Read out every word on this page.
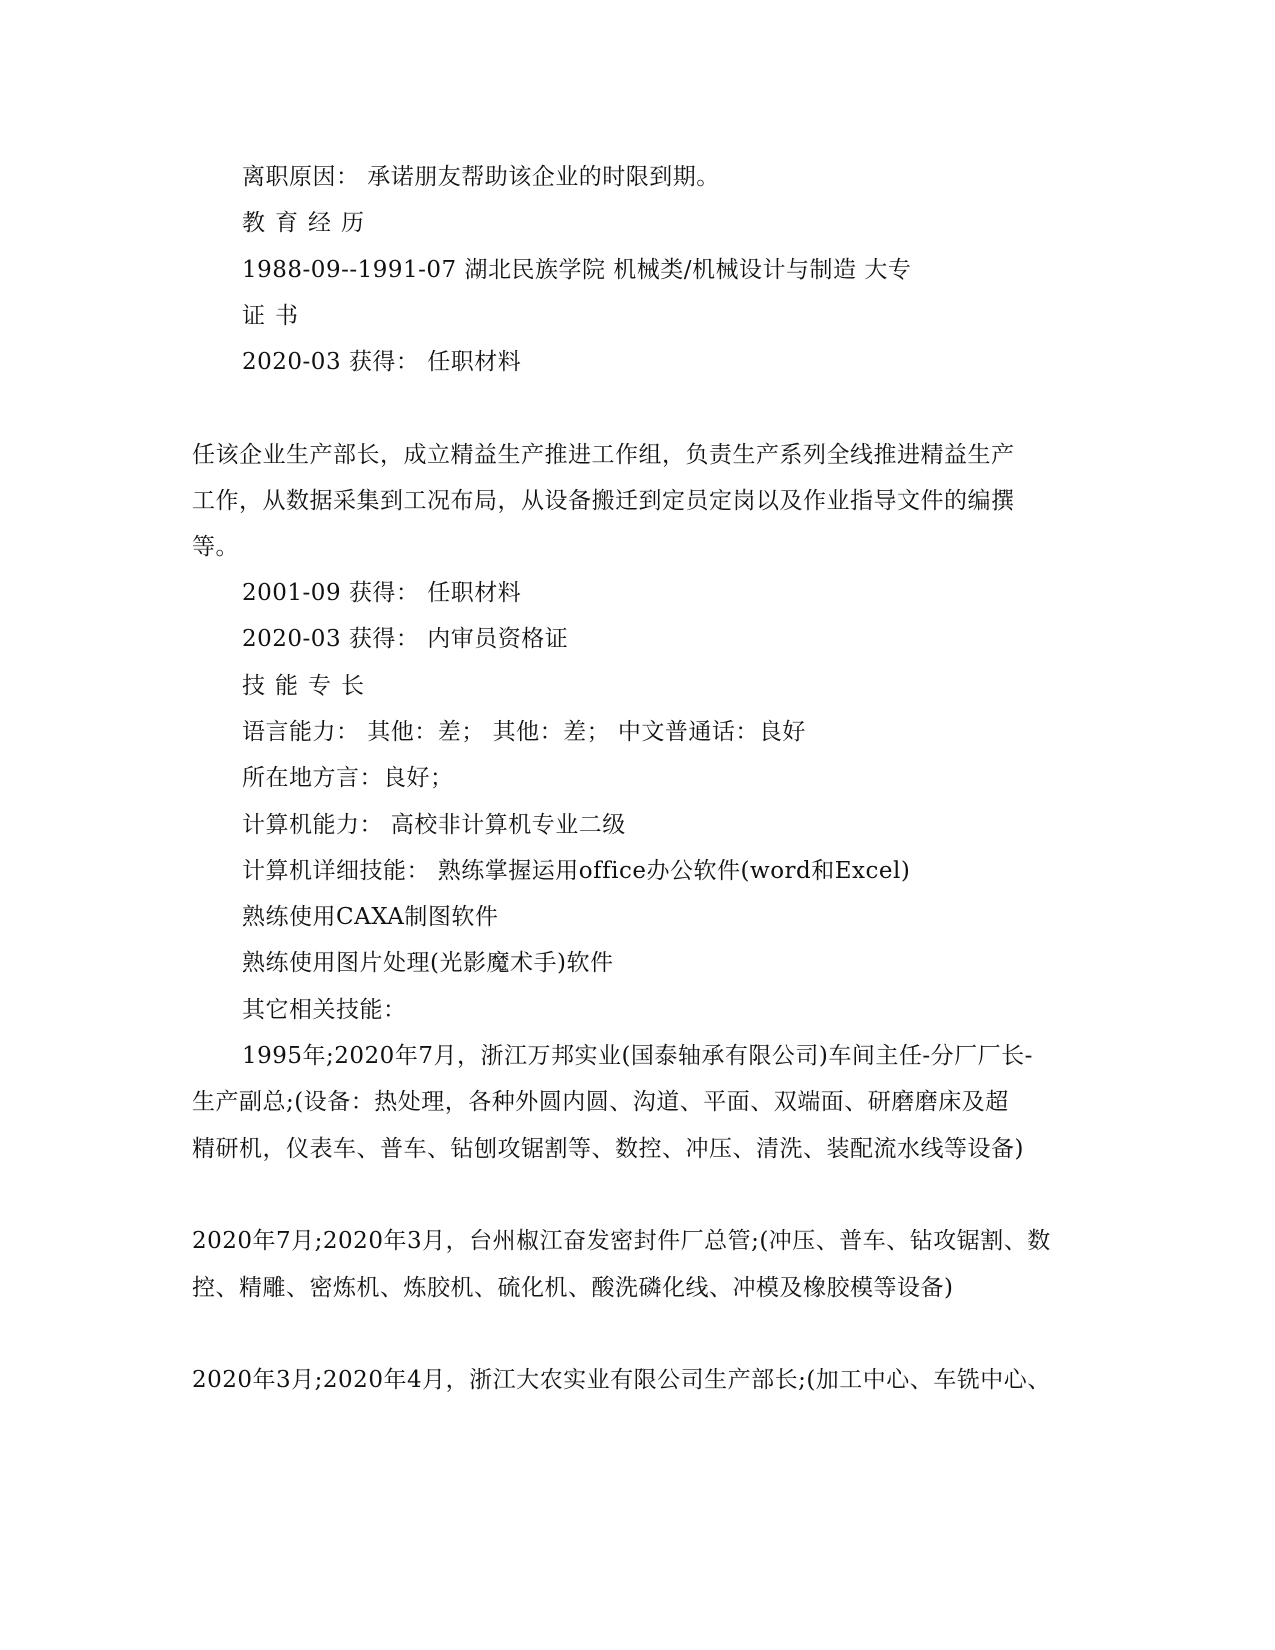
离职原因： 承诺朋友帮助该企业的时限到期。
教育经历
1988-09--1991-07 湖北民族学院 机械类/机械设计与制造 大专
证书
2020-03 获得： 任职材料
任该企业生产部长，成立精益生产推进工作组，负责生产系列全线推进精益生产
工作，从数据采集到工况布局，从设备搬迁到定员定岗以及作业指导文件的编撰
等。
2001-09 获得： 任职材料
2020-03 获得： 内审员资格证
技能专长
语言能力： 其他：差； 其他：差； 中文普通话：良好
所在地方言：良好；
计算机能力： 高校非计算机专业二级
计算机详细技能： 熟练掌握运用office办公软件(word和Excel)
熟练使用CAXA制图软件
熟练使用图片处理(光影魔术手)软件
其它相关技能：
1995年;2020年7月，浙江万邦实业(国泰轴承有限公司)车间主任-分厂厂长-
生产副总;(设备：热处理，各种外圆内圆、沟道、平面、双端面、研磨磨床及超
精研机，仪表车、普车、钻刨攻锯割等、数控、冲压、清洗、装配流水线等设备)
2020年7月;2020年3月，台州椒江奋发密封件厂总管;(冲压、普车、钻攻锯割、数
控、精雕、密炼机、炼胶机、硫化机、酸洗磷化线、冲模及橡胶模等设备)
2020年3月;2020年4月，浙江大农实业有限公司生产部长;(加工中心、车铣中心、
